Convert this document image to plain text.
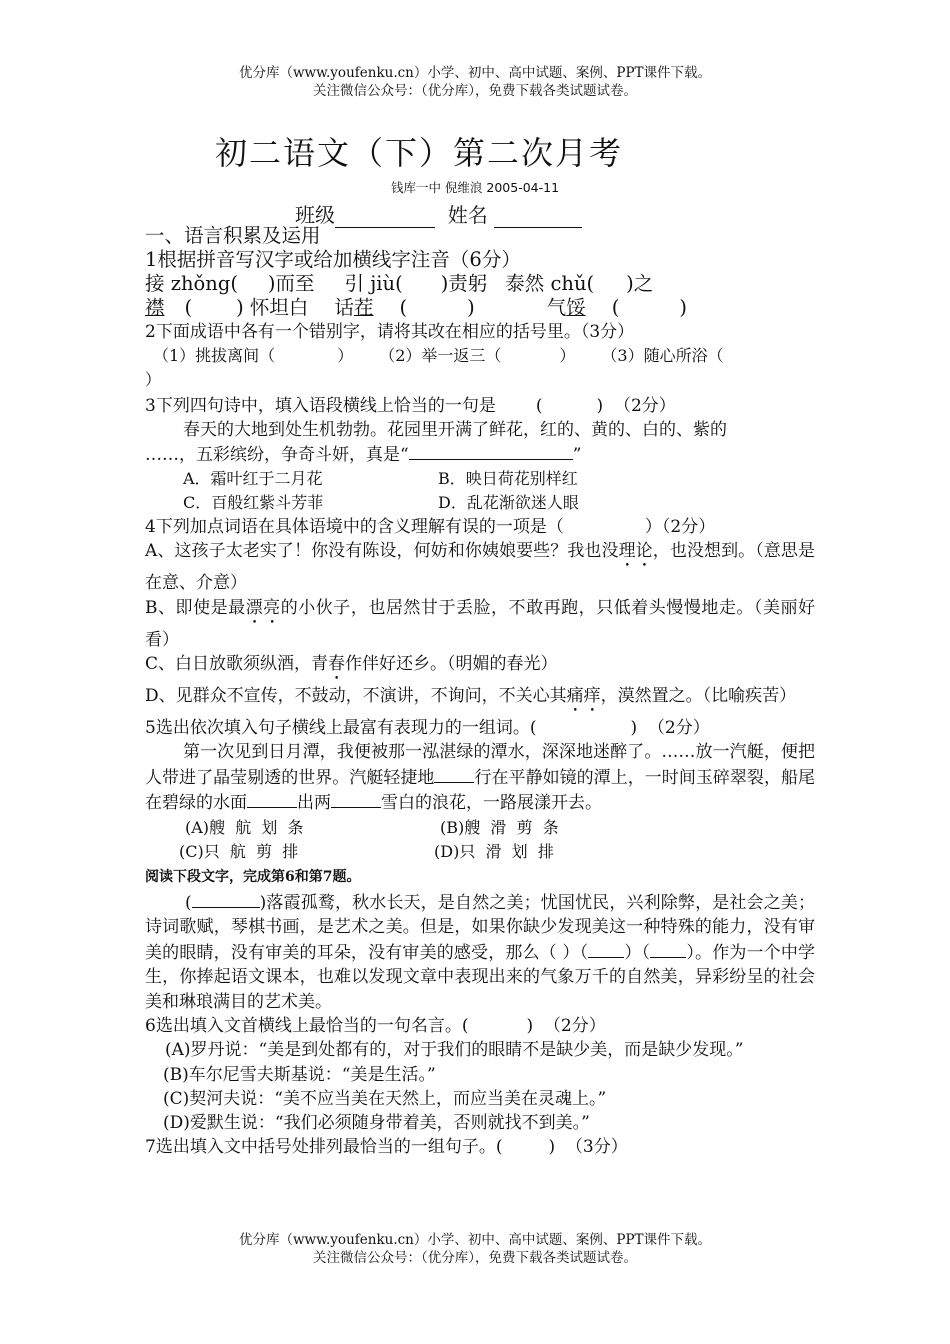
优分库（www.youfenku.cn）小学、初中、高中试题、案例、PPT课件下载。
关注微信公众号：（优分库），免费下载各类试题试卷。
初二语文（下）第二次月考
钱库一中 倪维浪 2005-04-11
班级	姓名

一、语言积累及运用

1根据拼音写汉字或给加横线字注音（6分）

接 zhǒng( )而至 引 jiù( )责躬 泰然 chǔ( )之

襟 ( ) 怀坦白 话茬 (	)	气馁 (	)

2下面成语中各有一个错别字，请将其改在相应的括号里。（3分）

（1）挑拔离间（	） （2）举一返三（	） （3）随心所浴（

）

3下列四句诗中，填入语段横线上恰当的一句是 (          )  （2分）

春天的大地到处生机勃勃。花园里开满了鲜花，红的、黄的、白的、紫的

……，五彩缤纷，争奇斗妍，真是“	”

A．霜叶红于二月花	B．映日荷花别样红

C．百般红紫斗芳菲	D．乱花渐欲迷人眼

4下列加点词语在具体语境中的含义理解有误的一项是（               ）（2分）

A、这孩子太老实了！你没有陈设，何妨和你姨娘要些？我也没理论，也没想到。（意思是在意、介意）

B、即使是最漂亮的小伙子，也居然甘于丢脸，不敢再跑，只低着头慢慢地走。（美丽好看）

C、白日放歌须纵酒，青春作伴好还乡。（明媚的春光）

D、见群众不宣传，不鼓动，不演讲，不询问，不关心其痛痒，漠然置之。（比喻疾苦）

5选出依次填入句子横线上最富有表现力的一组词。(	)  （2分）

第一次见到日月潭，我便被那一泓湛绿的潭水，深深地迷醉了。……放一汽艇，便把人带进了晶莹剔透的世界。汽艇轻捷地 行在平静如镜的潭上，一时间玉碎翠裂，船尾在碧绿的水面	出两	雪白的浪花，一路展漾开去。

(A)艘  航  划  条	(B)艘  滑  剪  条

(C)只  航  剪  排	(D)只  滑  划  排

阅读下段文字，完成第6和第7题。

(	)落霞孤鹜，秋水长天，是自然之美；忧国忧民，兴利除弊，是社会之美；诗词歌赋，琴棋书画，是艺术之美。但是，如果你缺少发现美这一种特殊的能力，没有审美的眼睛，没有审美的耳朵，没有审美的感受，那么（ ）（ ）（ ）。作为一个中学生，你捧起语文课本，也难以发现文章中表现出来的气象万千的自然美，异彩纷呈的社会美和琳琅满目的艺术美。

6选出填入文首横线上最恰当的一句名言。(	)  （2分）

(A)罗丹说：“美是到处都有的，对于我们的眼睛不是缺少美，而是缺少发现。”

(B)车尔尼雪夫斯基说：“美是生活。”

(C)契河夫说：“美不应当美在天然上，而应当美在灵魂上。”

(D)爱默生说：“我们必须随身带着美，否则就找不到美。”

7选出填入文中括号处排列最恰当的一组句子。(	)  （3分）

优分库（www.youfenku.cn）小学、初中、高中试题、案例、PPT课件下载。
关注微信公众号：（优分库），免费下载各类试题试卷。
